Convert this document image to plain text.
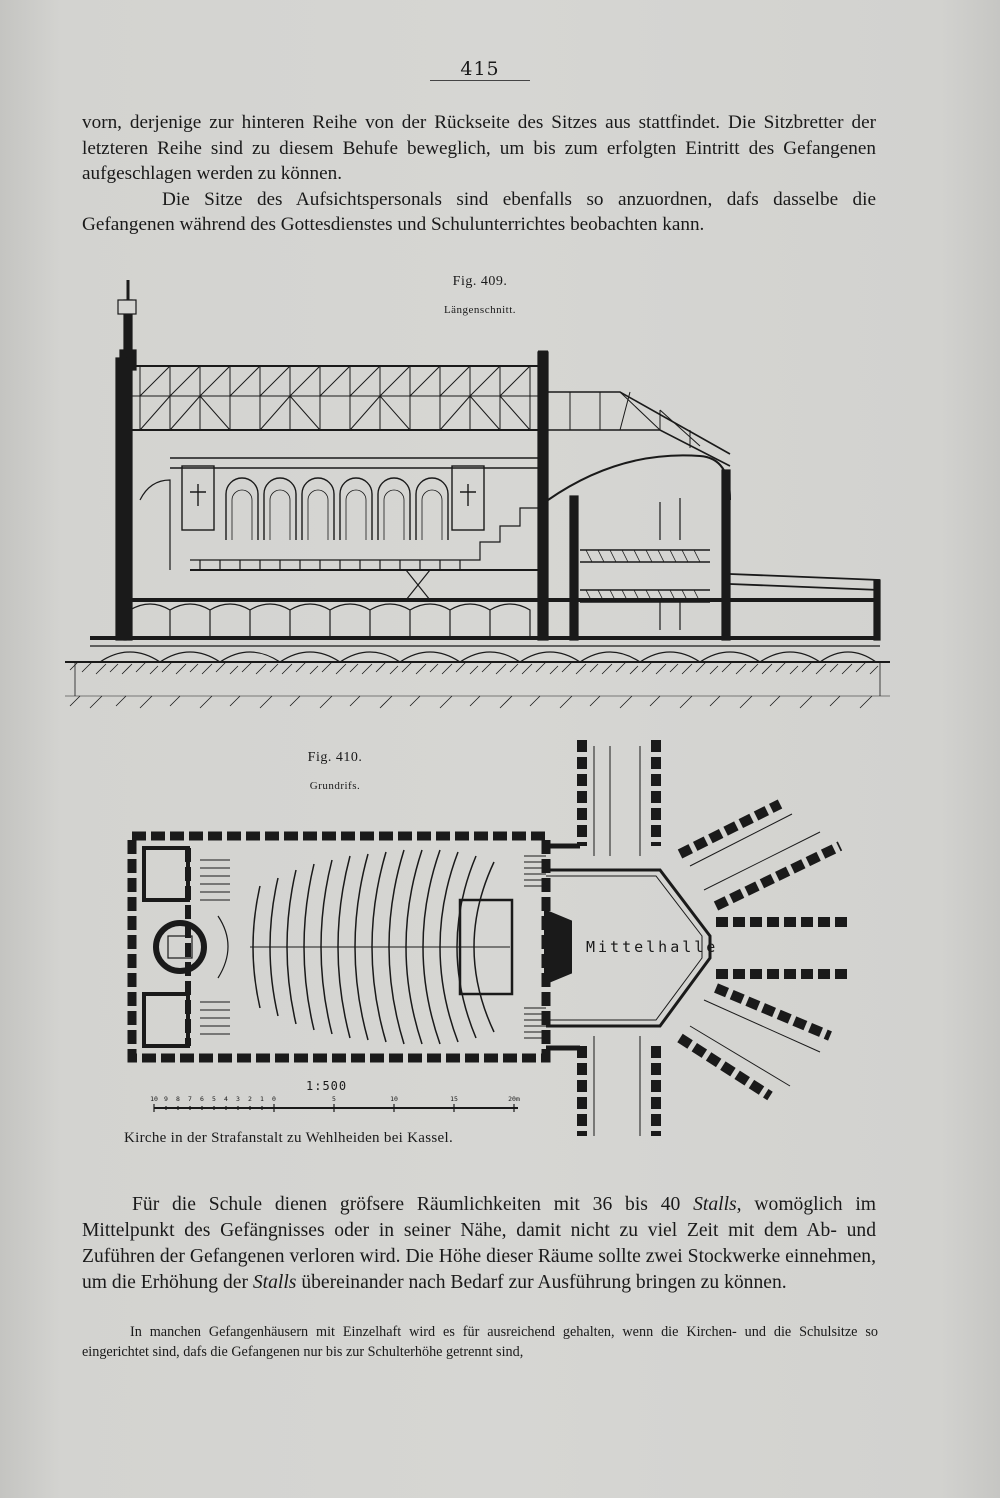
415

vorn, derjenige zur hinteren Reihe von der Rückseite des Sitzes aus stattfindet. Die Sitzbretter der letzteren Reihe sind zu diesem Behufe beweglich, um bis zum erfolgten Eintritt des Gefangenen aufgeschlagen werden zu können.

Die Sitze des Aufsichtspersonals sind ebenfalls so anzuordnen, dafs dasselbe die Gefangenen während des Gottesdienstes und Schulunterrichtes beobachten kann.

Fig. 409.
Längenschnitt.
Fig. 410.
Grundrifs.
Mittelhalle
1:500
10 9 8 7 6 5 4 3 2 1 0	5	10	15	20m
Kirche in der Strafanstalt zu Wehlheiden bei Kassel.

Für die Schule dienen gröfsere Räumlichkeiten mit 36 bis 40 Stalls, womöglich im Mittelpunkt des Gefängnisses oder in seiner Nähe, damit nicht zu viel Zeit mit dem Ab- und Zuführen der Gefangenen verloren wird. Die Höhe dieser Räume sollte zwei Stockwerke einnehmen, um die Erhöhung der Stalls übereinander nach Bedarf zur Ausführung bringen zu können.

In manchen Gefangenhäusern mit Einzelhaft wird es für ausreichend gehalten, wenn die Kirchen- und die Schulsitze so eingerichtet sind, dafs die Gefangenen nur bis zur Schulterhöhe getrennt sind,
